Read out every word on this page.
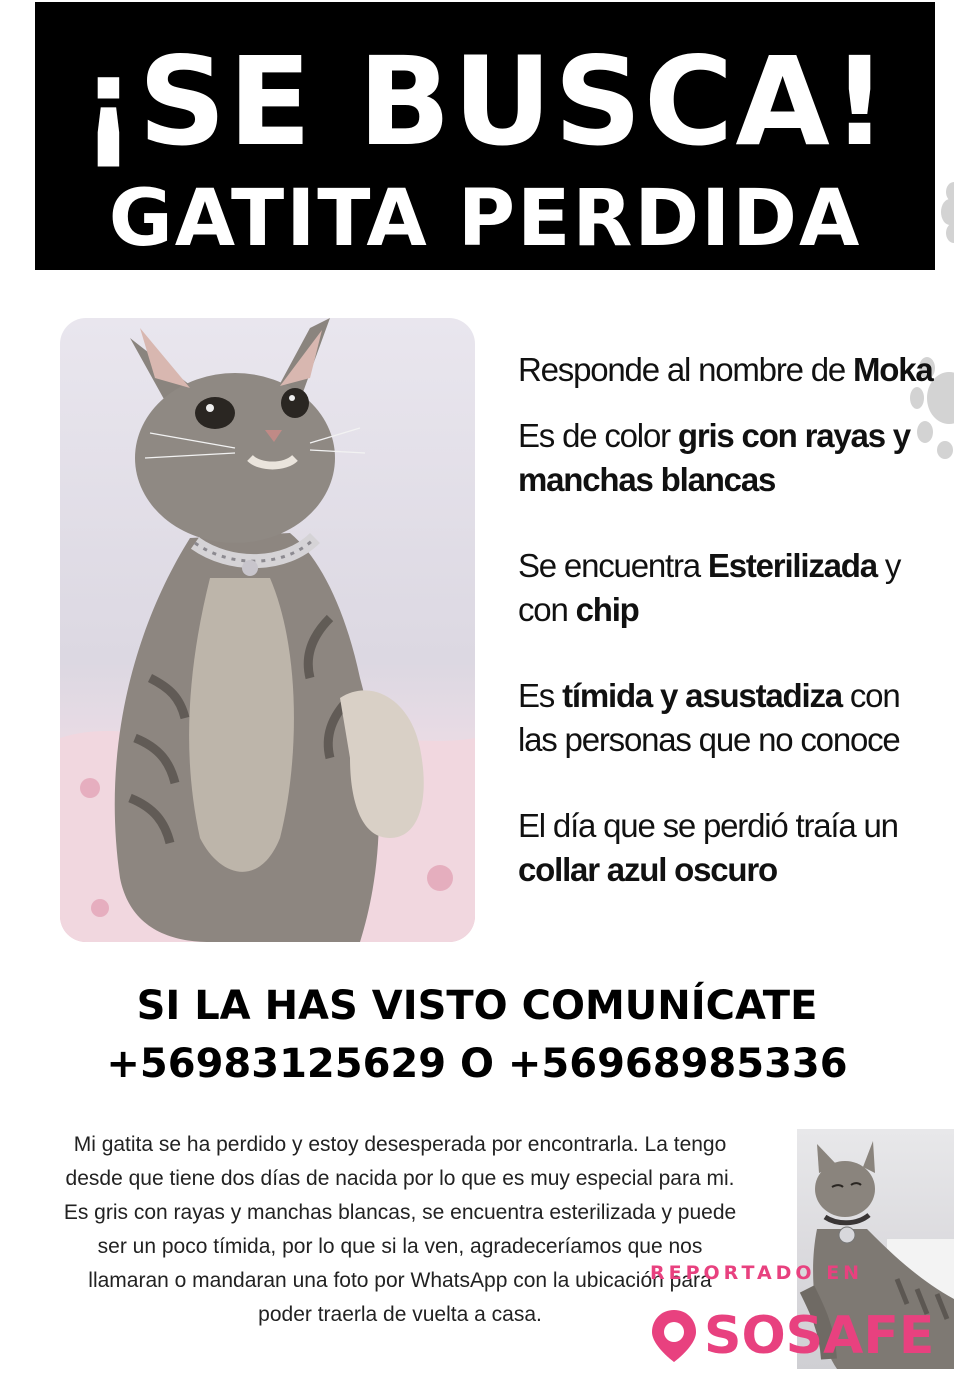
¡SE BUSCA!
GATITA PERDIDA

Responde al nombre de Moka

Es de color gris con rayas y manchas blancas

Se encuentra Esterilizada y con chip

Es tímida y asustadiza con las personas que no conoce

El día que se perdió traía un collar azul oscuro

SI LA HAS VISTO COMUNÍCATE
+56983125629 O +56968985336
Mi gatita se ha perdido y estoy desesperada por encontrarla. La tengo desde que tiene dos días de nacida por lo que es muy especial para mi. Es gris con rayas y manchas blancas, se encuentra esterilizada y puede ser un poco tímida, por lo que si la ven, agradeceríamos que nos llamaran o mandaran una foto por WhatsApp con la ubicación para poder traerla de vuelta a casa.
REPORTADO EN
SOSAFE
